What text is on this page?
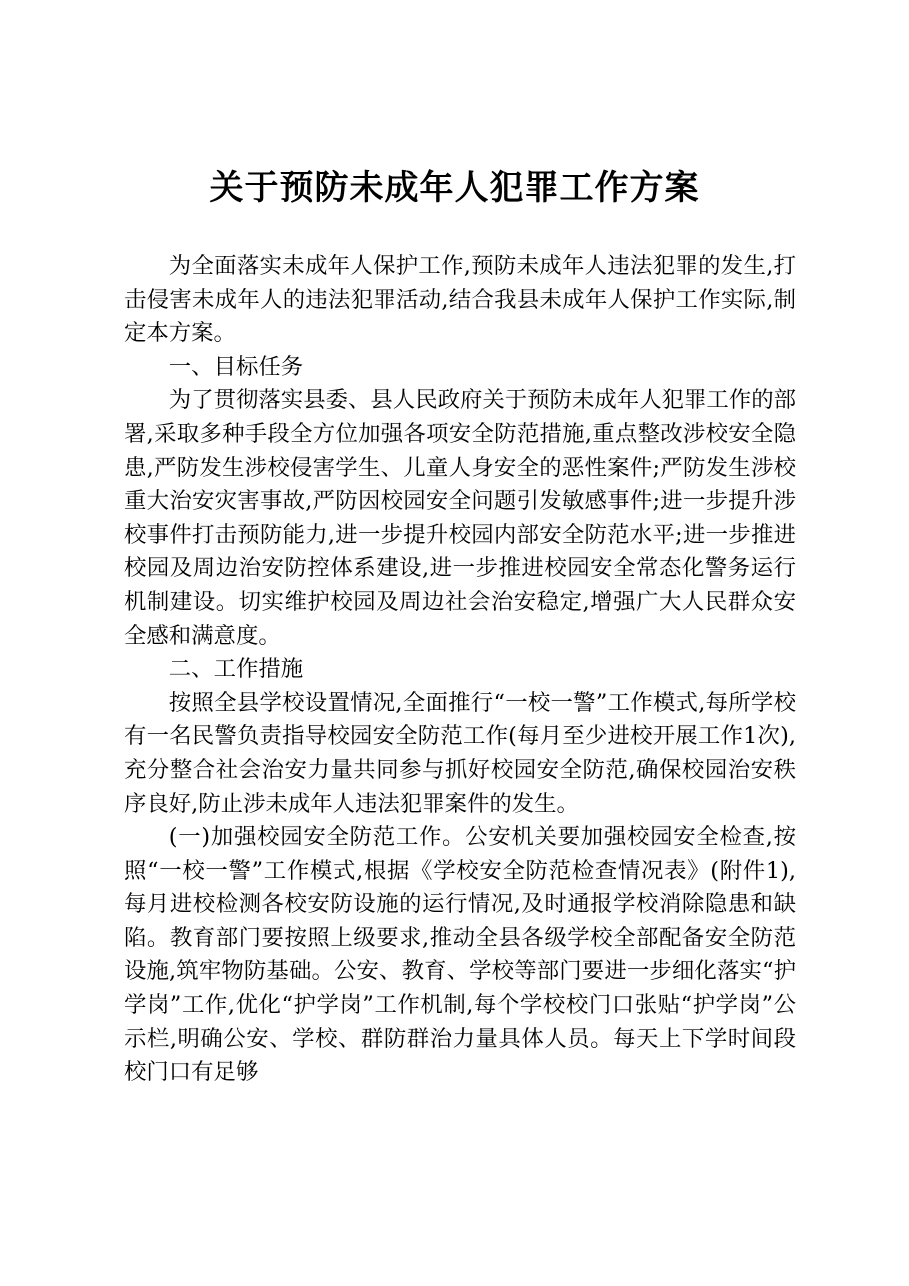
关于预防未成年人犯罪工作方案

为全面落实未成年人保护工作,预防未成年人违法犯罪的发生,打击侵害未成年人的违法犯罪活动,结合我县未成年人保护工作实际,制定本方案。

一、目标任务

为了贯彻落实县委、县人民政府关于预防未成年人犯罪工作的部署,采取多种手段全方位加强各项安全防范措施,重点整改涉校安全隐患,严防发生涉校侵害学生、儿童人身安全的恶性案件;严防发生涉校重大治安灾害事故,严防因校园安全问题引发敏感事件;进一步提升涉校事件打击预防能力,进一步提升校园内部安全防范水平;进一步推进校园及周边治安防控体系建设,进一步推进校园安全常态化警务运行机制建设。切实维护校园及周边社会治安稳定,增强广大人民群众安全感和满意度。

二、工作措施

按照全县学校设置情况,全面推行“一校一警”工作模式,每所学校有一名民警负责指导校园安全防范工作(每月至少进校开展工作1次),充分整合社会治安力量共同参与抓好校园安全防范,确保校园治安秩序良好,防止涉未成年人违法犯罪案件的发生。

(一)加强校园安全防范工作。公安机关要加强校园安全检查,按照“一校一警”工作模式,根据《学校安全防范检查情况表》(附件1),每月进校检测各校安防设施的运行情况,及时通报学校消除隐患和缺陷。教育部门要按照上级要求,推动全县各级学校全部配备安全防范设施,筑牢物防基础。公安、教育、学校等部门要进一步细化落实“护学岗”工作,优化“护学岗”工作机制,每个学校校门口张贴“护学岗”公示栏,明确公安、学校、群防群治力量具体人员。每天上下学时间段校门口有足够
